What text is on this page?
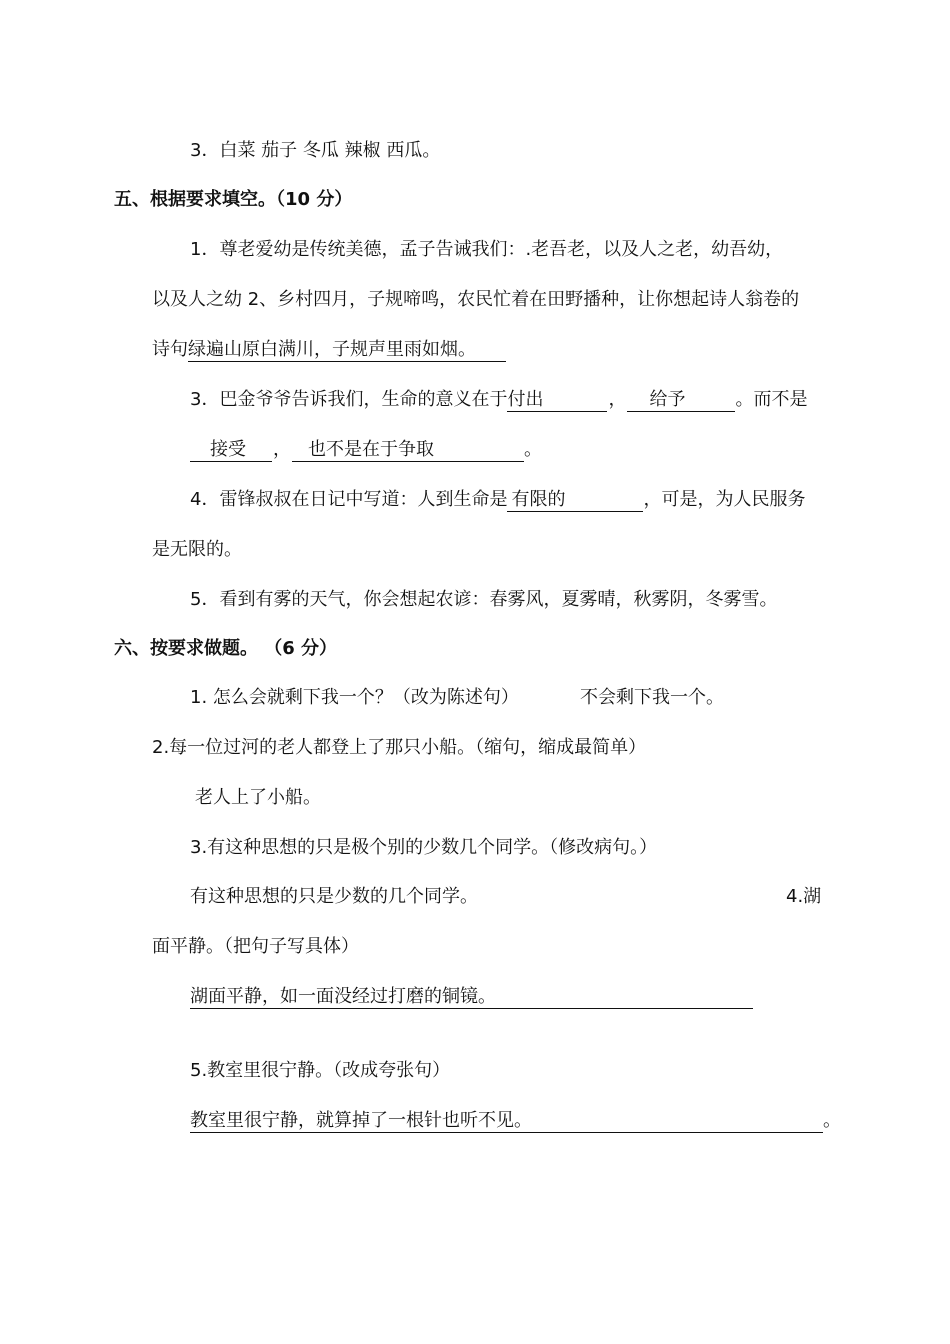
3．白菜 茄子 冬瓜 辣椒 西瓜。
五、根据要求填空。（10 分）
1．尊老爱幼是传统美德，孟子告诫我们：.老吾老，以及人之老，幼吾幼，
以及人之幼 2、乡村四月，子规啼鸣，农民忙着在田野播种，让你想起诗人翁卷的
诗句绿遍山原白满川，子规声里雨如烟。
3．巴金爷爷告诉我们，生命的意义在于付出	， 给予	。而不是
接受 ， 也不是在于争取	。
4．雷锋叔叔在日记中写道：人到生命是有限的	，可是，为人民服务
是无限的。
5．看到有雾的天气，你会想起农谚：春雾风，夏雾晴，秋雾阴，冬雾雪。
六、按要求做题。 （6 分）
1. 怎么会就剩下我一个？（改为陈述句）	不会剩下我一个。
2.每一位过河的老人都登上了那只小船。（缩句，缩成最简单）
老人上了小船。
3.有这种思想的只是极个别的少数几个同学。（修改病句。）
有这种思想的只是少数的几个同学。	4.湖
面平静。（把句子写具体）
湖面平静，如一面没经过打磨的铜镜。
5.教室里很宁静。（改成夸张句）
教室里很宁静，就算掉了一根针也听不见。	。
